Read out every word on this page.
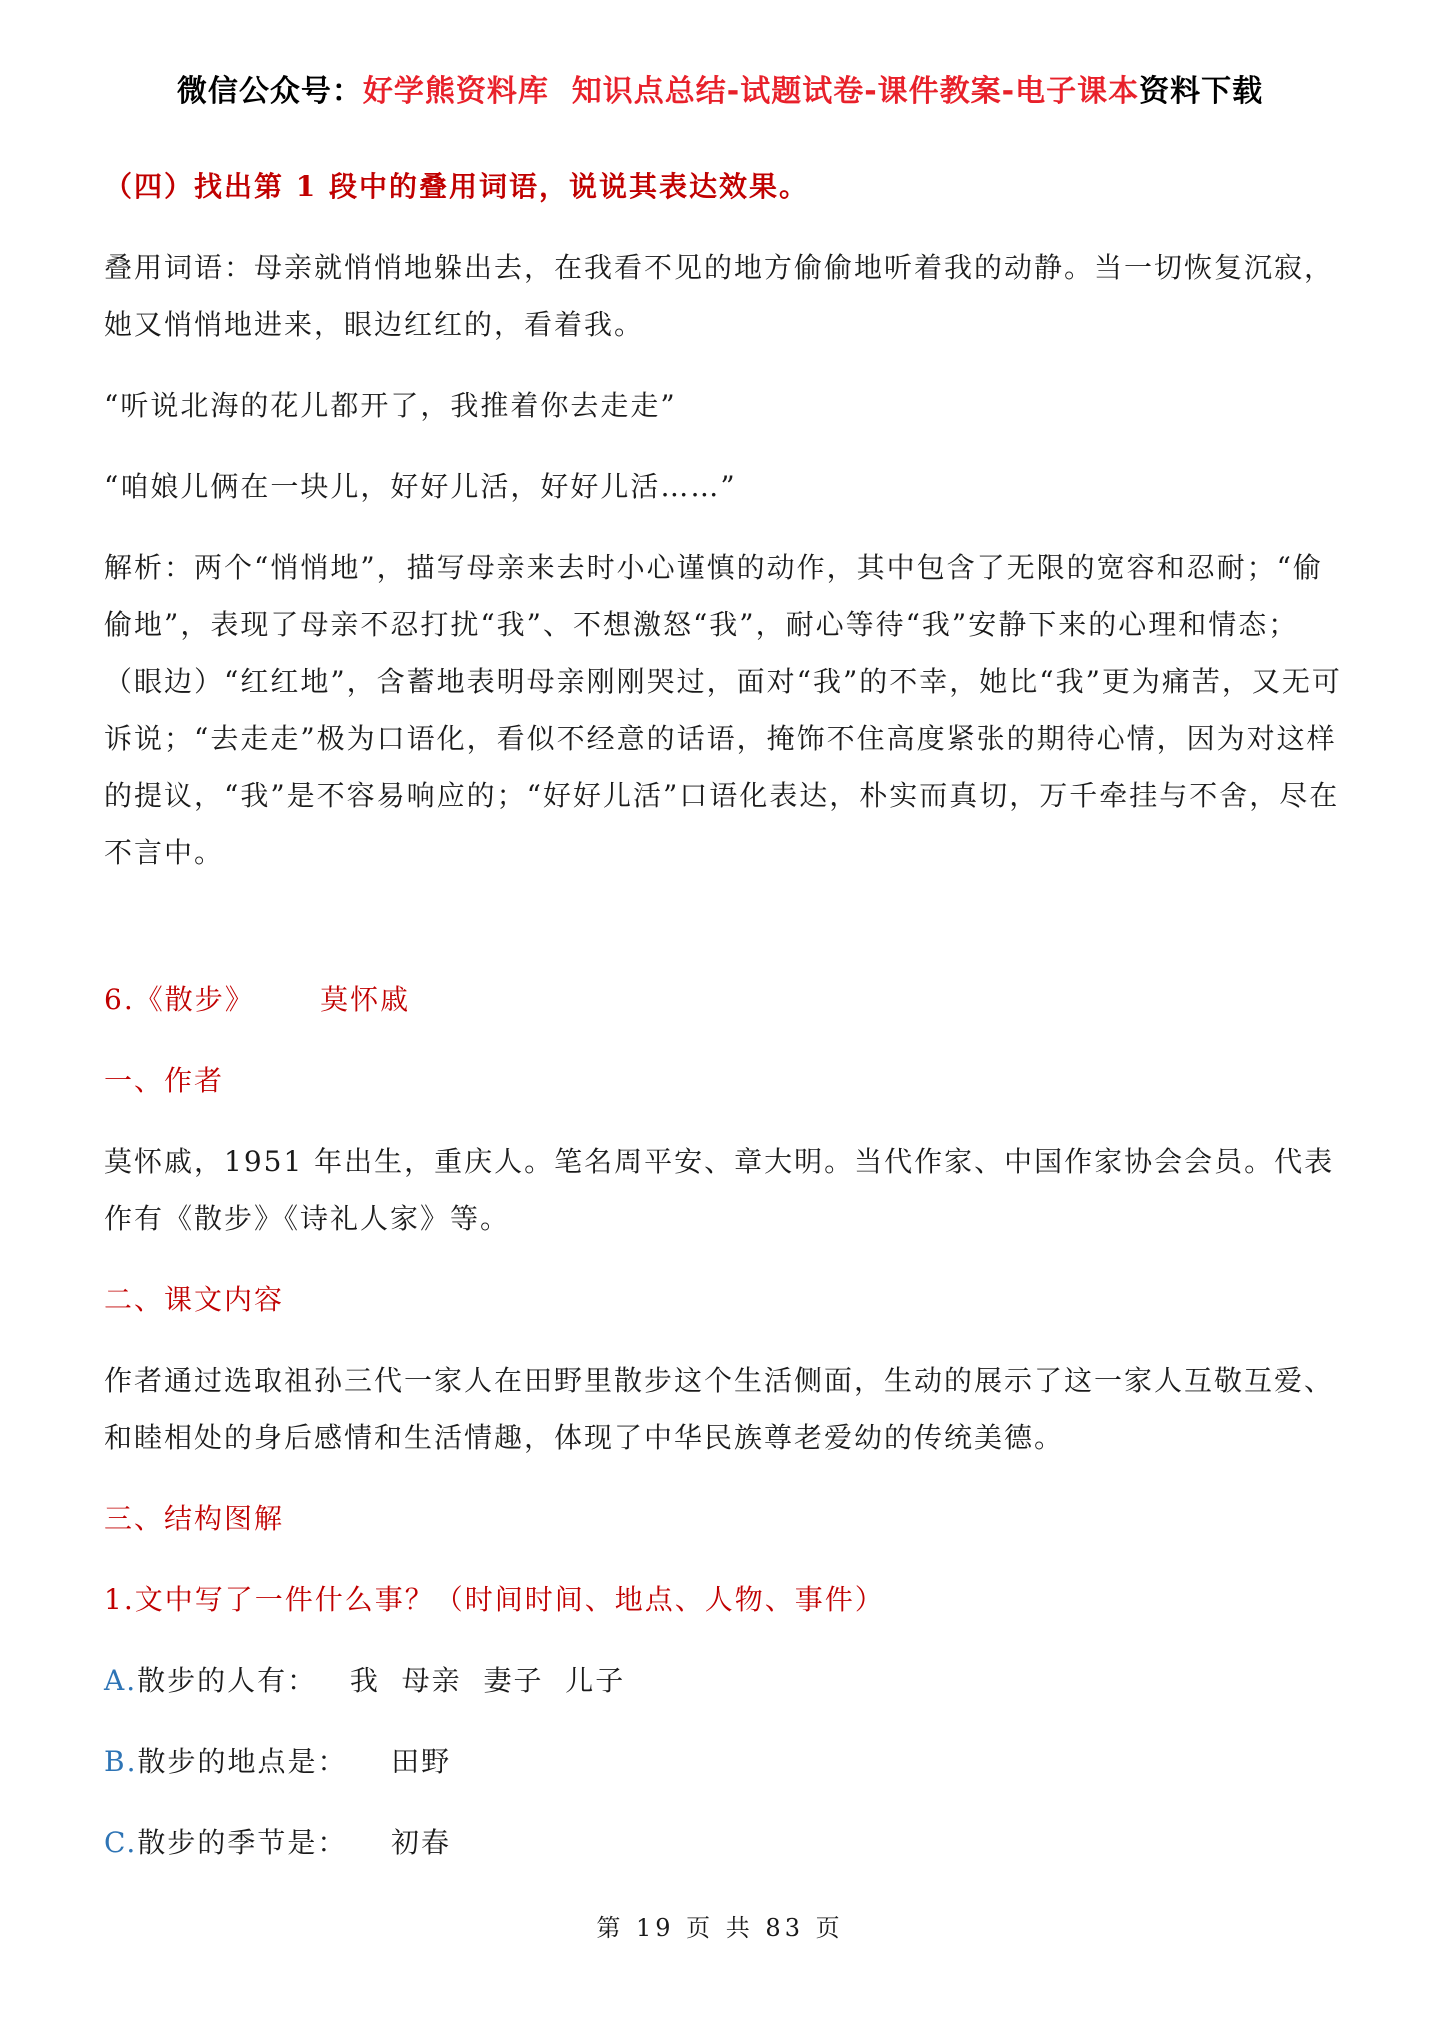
微信公众号：好学熊资料库 知识点总结-试题试卷-课件教案-电子课本资料下载

（四）找出第 1 段中的叠用词语，说说其表达效果。

叠用词语：母亲就悄悄地躲出去，在我看不见的地方偷偷地听着我的动静。当一切恢复沉寂，她又悄悄地进来，眼边红红的，看着我。

“听说北海的花儿都开了，我推着你去走走”

“咱娘儿俩在一块儿，好好儿活，好好儿活……”

解析：两个“悄悄地”，描写母亲来去时小心谨慎的动作，其中包含了无限的宽容和忍耐；“偷偷地”，表现了母亲不忍打扰“我”、不想激怒“我”，耐心等待“我”安静下来的心理和情态；（眼边）“红红地”，含蓄地表明母亲刚刚哭过，面对“我”的不幸，她比“我”更为痛苦，又无可诉说；“去走走”极为口语化，看似不经意的话语，掩饰不住高度紧张的期待心情，因为对这样的提议，“我”是不容易响应的；“好好儿活”口语化表达，朴实而真切，万千牵挂与不舍，尽在不言中。

6.《散步》 莫怀戚

一、作者

莫怀戚，1951 年出生，重庆人。笔名周平安、章大明。当代作家、中国作家协会会员。代表作有《散步》《诗礼人家》等。

二、课文内容

作者通过选取祖孙三代一家人在田野里散步这个生活侧面，生动的展示了这一家人互敬互爱、和睦相处的身后感情和生活情趣，体现了中华民族尊老爱幼的传统美德。

三、结构图解

1.文中写了一件什么事？（时间时间、地点、人物、事件）

A.散步的人有： 我  母亲  妻子  儿子

B.散步的地点是： 田野

C.散步的季节是： 初春

第 19 页 共 83 页
